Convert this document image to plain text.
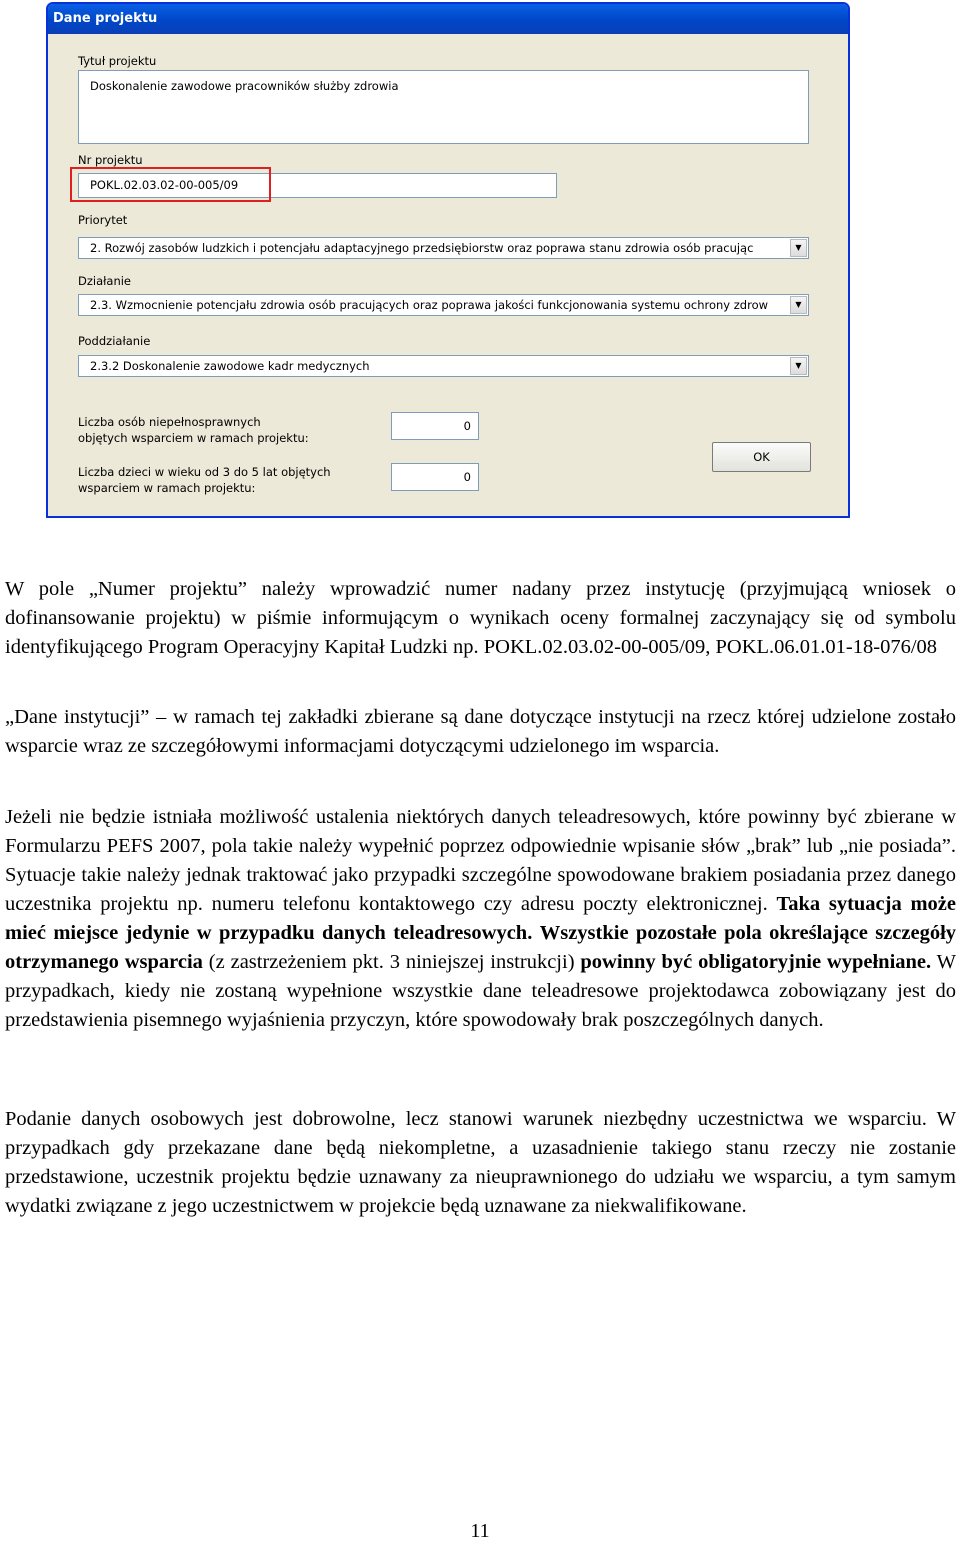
Dane projektu
Tytuł projektu
Doskonalenie zawodowe pracowników służby zdrowia
Nr projektu
POKL.02.03.02-00-005/09
Priorytet
2. Rozwój zasobów ludzkich i potencjału adaptacyjnego przedsiębiorstw oraz poprawa stanu zdrowia osób pracując	▼
Działanie
2.3. Wzmocnienie potencjału zdrowia osób pracujących oraz poprawa jakości funkcjonowania systemu ochrony zdrow	▼
Poddziałanie
2.3.2 Doskonalenie zawodowe kadr medycznych	▼
Liczba osób niepełnosprawnych
objętych wsparciem w ramach projektu:
0
Liczba dzieci w wieku od 3 do 5 lat objętych
wsparciem w ramach projektu:
0
OK

W pole „Numer projektu” należy wprowadzić numer nadany przez instytucję (przyjmującą wniosek o dofinansowanie projektu) w piśmie informującym o wynikach oceny formalnej zaczynający się od symbolu identyfikującego Program Operacyjny Kapitał Ludzki np. POKL.02.03.02-00-005/09, POKL.06.01.01-18-076/08

„Dane instytucji” – w ramach tej zakładki zbierane są dane dotyczące instytucji na rzecz której udzielone zostało wsparcie wraz ze szczegółowymi informacjami dotyczącymi udzielonego im wsparcia.

Jeżeli nie będzie istniała możliwość ustalenia niektórych danych teleadresowych, które powinny być zbierane w Formularzu PEFS 2007, pola takie należy wypełnić poprzez odpowiednie wpisanie słów „brak” lub „nie posiada”. Sytuacje takie należy jednak traktować jako przypadki szczególne spowodowane brakiem posiadania przez danego uczestnika projektu np. numeru telefonu kontaktowego czy adresu poczty elektronicznej. Taka sytuacja może mieć miejsce jedynie w przypadku danych teleadresowych. Wszystkie pozostałe pola określające szczegóły otrzymanego wsparcia (z zastrzeżeniem pkt. 3 niniejszej instrukcji) powinny być obligatoryjnie wypełniane. W przypadkach, kiedy nie zostaną wypełnione wszystkie dane teleadresowe projektodawca zobowiązany jest do przedstawienia pisemnego wyjaśnienia przyczyn, które spowodowały brak poszczególnych danych.

Podanie danych osobowych jest dobrowolne, lecz stanowi warunek niezbędny uczestnictwa we wsparciu. W przypadkach gdy przekazane dane będą niekompletne, a uzasadnienie takiego stanu rzeczy nie zostanie przedstawione, uczestnik projektu będzie uznawany za nieuprawnionego do udziału we wsparciu, a tym samym wydatki związane z jego uczestnictwem w projekcie będą uznawane za niekwalifikowane.

11
